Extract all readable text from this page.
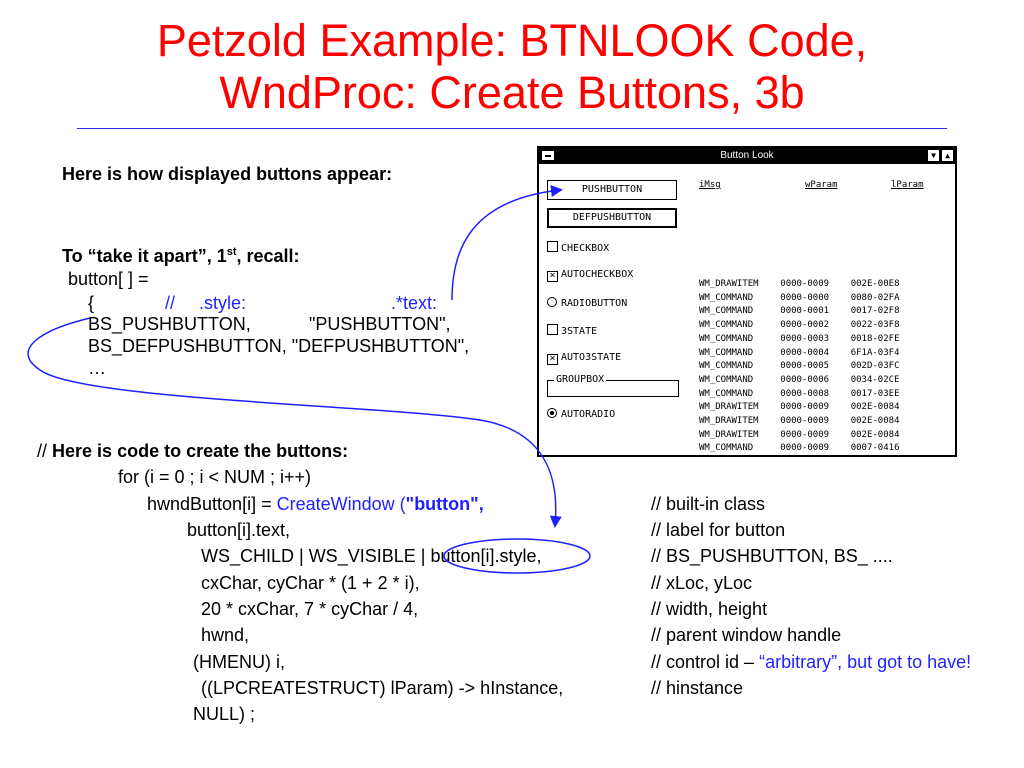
Petzold Example: BTNLOOK Code,
WndProc: Create Buttons, 3b
Here is how displayed buttons appear:
To “take it apart”, 1st, recall:
button[ ] =
{	// .style:	.*text:
BS_PUSHBUTTON,	"PUSHBUTTON",
BS_DEFPUSHBUTTON, "DEFPUSHBUTTON",
…
Button Look	▼	▲
PUSHBUTTON
DEFPUSHBUTTON
CHECKBOX
× AUTOCHECKBOX
RADIOBUTTON
3STATE
× AUTO3STATE
GROUPBOX
AUTORADIO
iMsg	wParam	lParam
WM_DRAWITEM    0000-0009    002E-00E8
WM_COMMAND     0000-0000    0080-02FA
WM_COMMAND     0000-0001    0017-02F8
WM_COMMAND     0000-0002    0022-03F8
WM_COMMAND     0000-0003    0018-02FE
WM_COMMAND     0000-0004    6F1A-03F4
WM_COMMAND     0000-0005    002D-03FC
WM_COMMAND     0000-0006    0034-02CE
WM_COMMAND     0000-0008    0017-03EE
WM_DRAWITEM    0000-0009    002E-0084
WM_DRAWITEM    0000-0009    002E-0084
WM_DRAWITEM    0000-0009    002E-0084
WM_COMMAND     0000-0009    0007-0416
// Here is code to create the buttons:
for (i = 0 ; i < NUM ; i++)
hwndButton[i] = CreateWindow ("button",
button[i].text,
WS_CHILD | WS_VISIBLE | button[i].style,
cxChar, cyChar * (1 + 2 * i),
20 * cxChar, 7 * cyChar / 4,
hwnd,
(HMENU) i,
((LPCREATESTRUCT) lParam) -> hInstance,
NULL) ;
// built-in class
// label for button
// BS_PUSHBUTTON, BS_ ....
// xLoc, yLoc
// width, height
// parent window handle
// control id – “arbitrary”, but got to have!
// hinstance
